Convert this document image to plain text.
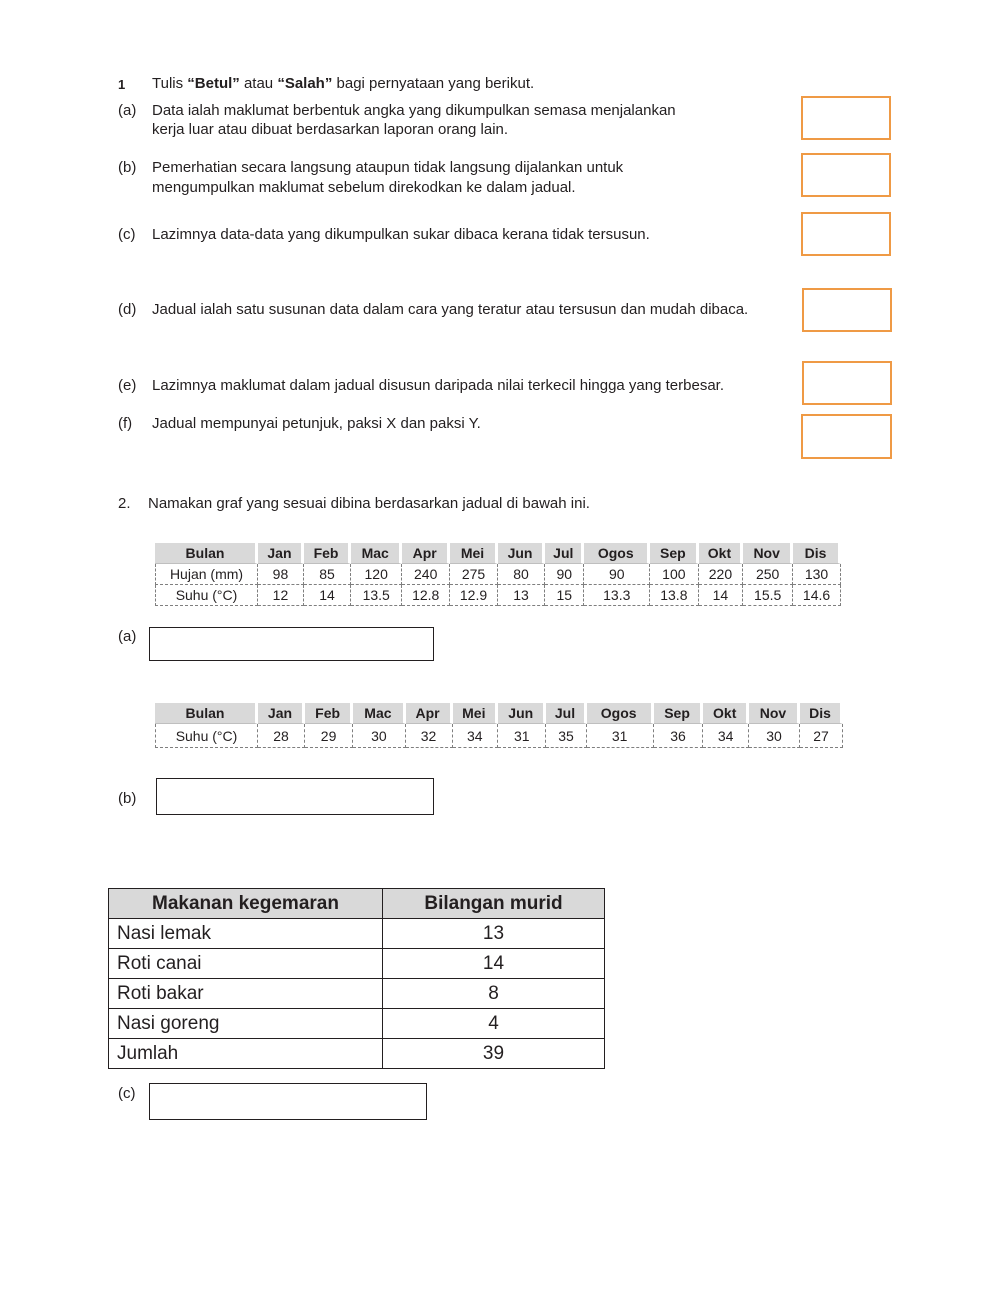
1 Tulis “Betul” atau “Salah” bagi pernyataan yang berikut.
(a) Data ialah maklumat berbentuk angka yang dikumpulkan semasa menjalankan
kerja luar atau dibuat berdasarkan laporan orang lain.
(b) Pemerhatian secara langsung ataupun tidak langsung dijalankan untuk
mengumpulkan maklumat sebelum direkodkan ke dalam jadual.
(c) Lazimnya data-data yang dikumpulkan sukar dibaca kerana tidak tersusun.
(d) Jadual ialah satu susunan data dalam cara yang teratur atau tersusun dan mudah dibaca.
(e) Lazimnya maklumat dalam jadual disusun daripada nilai terkecil hingga yang terbesar.
(f) Jadual mempunyai petunjuk, paksi X dan paksi Y.
2. Namakan graf yang sesuai dibina berdasarkan jadual di bawah ini.
Bulan	Jan	Feb	Mac	Apr	Mei	Jun	Jul	Ogos	Sep	Okt	Nov	Dis
Hujan (mm)	98	85	120	240	275	80	90	90	100	220	250	130
Suhu (°C)	12	14	13.5	12.8	12.9	13	15	13.3	13.8	14	15.5	14.6
(a)
Bulan	Jan	Feb	Mac	Apr	Mei	Jun	Jul	Ogos	Sep	Okt	Nov	Dis
Suhu (°C)	28	29	30	32	34	31	35	31	36	34	30	27
(b)
Makanan kegemaran	Bilangan murid
Nasi lemak	13
Roti canai	14
Roti bakar	8
Nasi goreng	4
Jumlah	39
(c)
